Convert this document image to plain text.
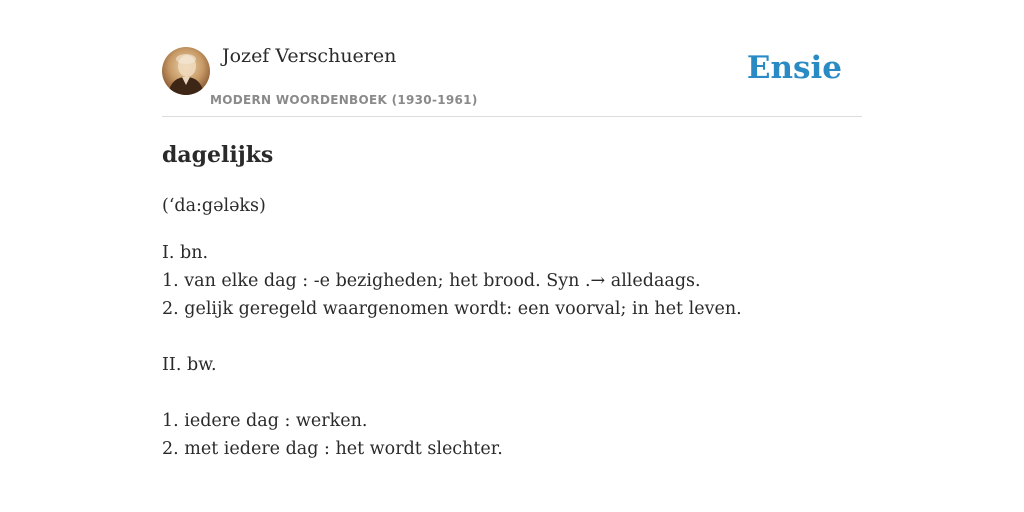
Jozef Verschueren
MODERN WOORDENBOEK (1930-1961)
Ensie
dagelijks
(‘da:gələks)
I. bn.
1. van elke dag : -e bezigheden; het brood. Syn .→ alledaags.
2. gelijk geregeld waargenomen wordt: een voorval; in het leven.
II. bw.
1. iedere dag : werken.
2. met iedere dag : het wordt slechter.
